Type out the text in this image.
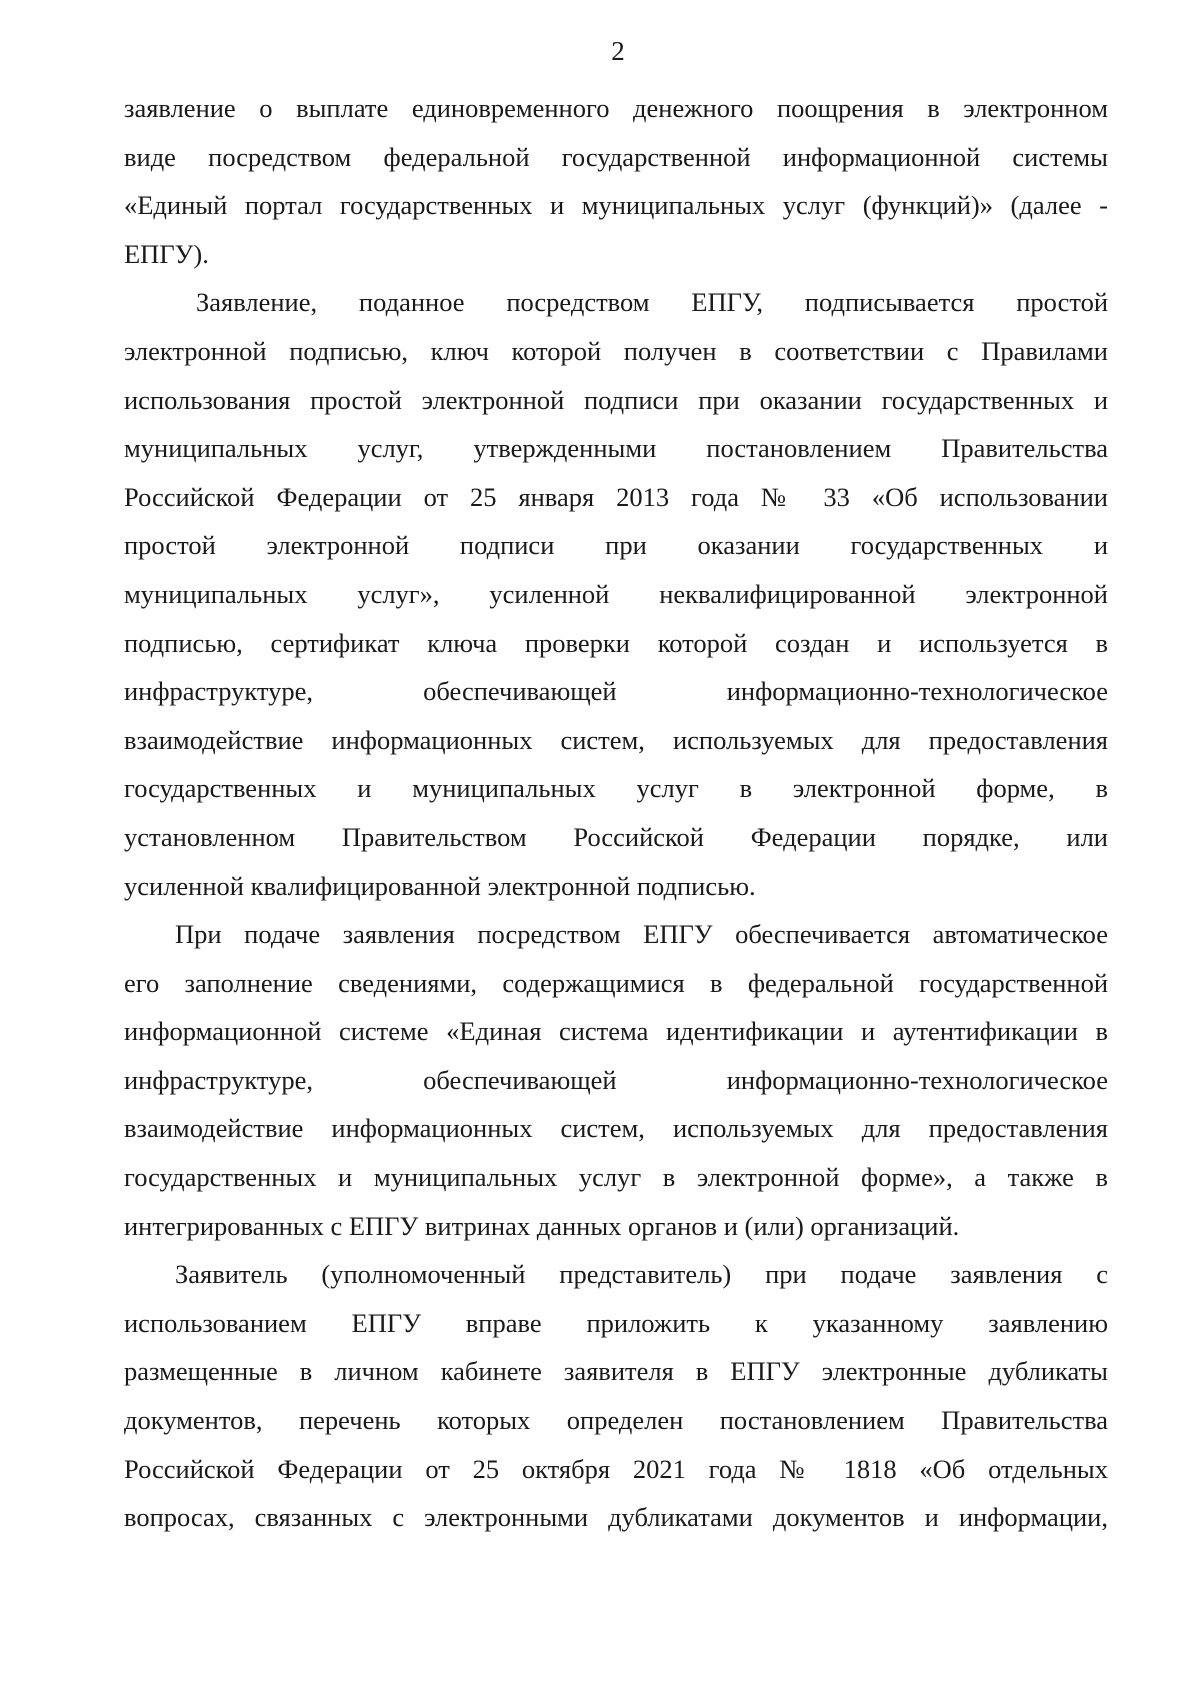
2
заявление о выплате единовременного денежного поощрения в электронном
виде посредством федеральной государственной информационной системы
«Единый портал государственных и муниципальных услуг (функций)» (далее -
ЕПГУ).
Заявление, поданное посредством ЕПГУ, подписывается простой
электронной подписью, ключ которой получен в соответствии с Правилами
использования простой электронной подписи при оказании государственных и
муниципальных услуг, утвержденными постановлением Правительства
Российской Федерации от 25 января 2013 года № 33 «Об использовании
простой электронной подписи при оказании государственных и
муниципальных услуг», усиленной неквалифицированной электронной
подписью, сертификат ключа проверки которой создан и используется в
инфраструктуре, обеспечивающей информационно-технологическое
взаимодействие информационных систем, используемых для предоставления
государственных и муниципальных услуг в электронной форме, в
установленном Правительством Российской Федерации порядке, или
усиленной квалифицированной электронной подписью.
При подаче заявления посредством ЕПГУ обеспечивается автоматическое
его заполнение сведениями, содержащимися в федеральной государственной
информационной системе «Единая система идентификации и аутентификации в
инфраструктуре, обеспечивающей информационно-технологическое
взаимодействие информационных систем, используемых для предоставления
государственных и муниципальных услуг в электронной форме», а также в
интегрированных с ЕПГУ витринах данных органов и (или) организаций.
Заявитель (уполномоченный представитель) при подаче заявления с
использованием ЕПГУ вправе приложить к указанному заявлению
размещенные в личном кабинете заявителя в ЕПГУ электронные дубликаты
документов, перечень которых определен постановлением Правительства
Российской Федерации от 25 октября 2021 года № 1818 «Об отдельных
вопросах, связанных с электронными дубликатами документов и информации,
